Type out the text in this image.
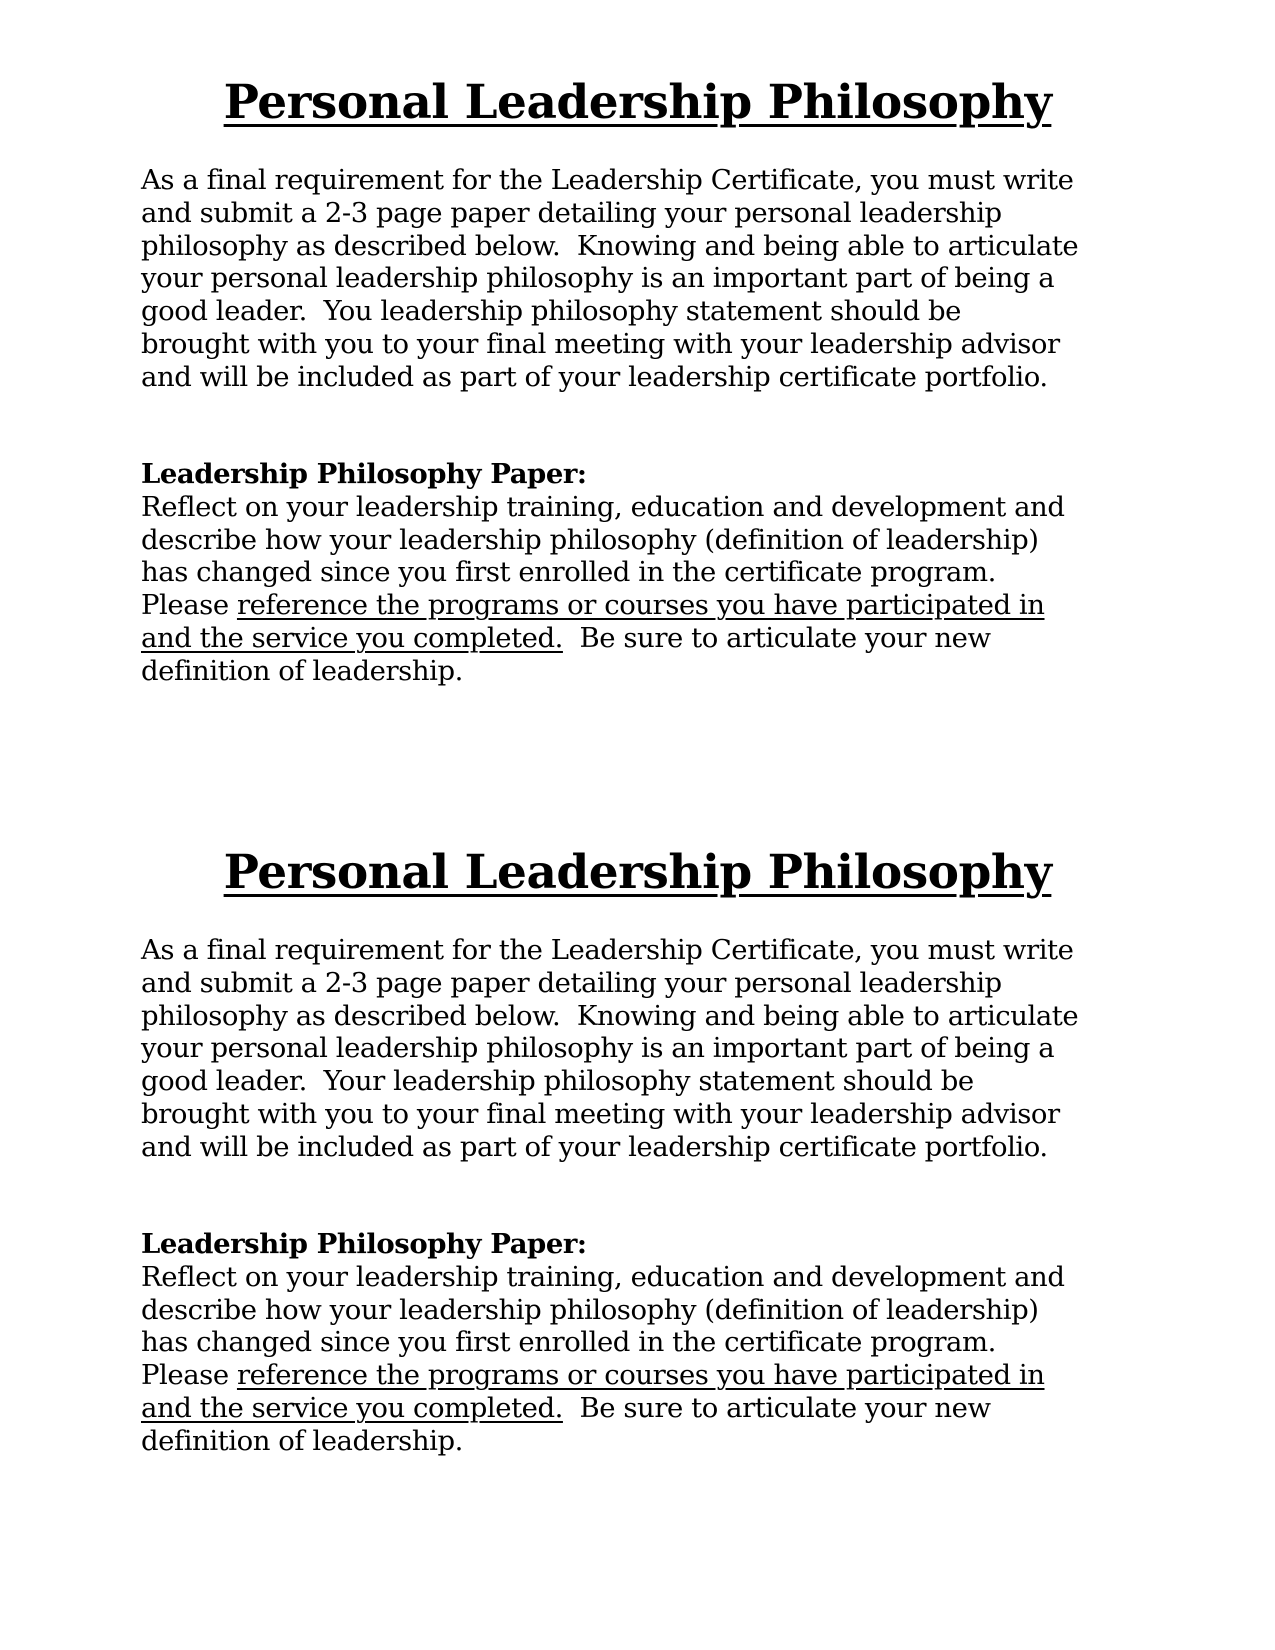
Personal Leadership Philosophy

As a final requirement for the Leadership Certificate, you must write
and submit a 2-3 page paper detailing your personal leadership
philosophy as described below.  Knowing and being able to articulate
your personal leadership philosophy is an important part of being a
good leader.  You leadership philosophy statement should be
brought with you to your final meeting with your leadership advisor
and will be included as part of your leadership certificate portfolio.

Leadership Philosophy Paper:
Reflect on your leadership training, education and development and
describe how your leadership philosophy (definition of leadership)
has changed since you first enrolled in the certificate program.
Please reference the programs or courses you have participated in
and the service you completed.  Be sure to articulate your new
definition of leadership.
Personal Leadership Philosophy

As a final requirement for the Leadership Certificate, you must write
and submit a 2-3 page paper detailing your personal leadership
philosophy as described below.  Knowing and being able to articulate
your personal leadership philosophy is an important part of being a
good leader.  Your leadership philosophy statement should be
brought with you to your final meeting with your leadership advisor
and will be included as part of your leadership certificate portfolio.

Leadership Philosophy Paper:
Reflect on your leadership training, education and development and
describe how your leadership philosophy (definition of leadership)
has changed since you first enrolled in the certificate program.
Please reference the programs or courses you have participated in
and the service you completed.  Be sure to articulate your new
definition of leadership.
